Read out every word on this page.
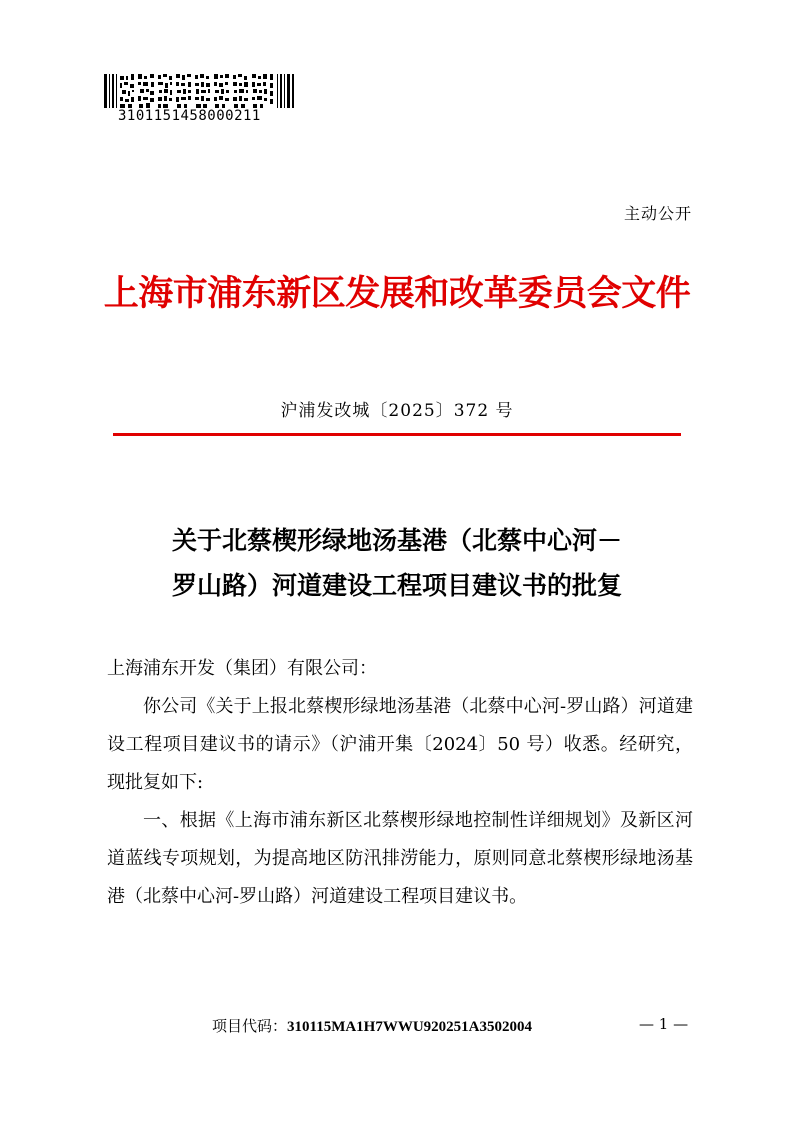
3101151458000211
主动公开
上海市浦东新区发展和改革委员会文件
沪浦发改城〔2025〕372 号
关于北蔡楔形绿地汤基港（北蔡中心河－
罗山路）河道建设工程项目建议书的批复

上海浦东开发（集团）有限公司：

你公司《关于上报北蔡楔形绿地汤基港（北蔡中心河-罗山路）河道建设工程项目建议书的请示》（沪浦开集〔2024〕50 号）收悉。经研究，现批复如下:

一、根据《上海市浦东新区北蔡楔形绿地控制性详细规划》及新区河道蓝线专项规划，为提高地区防汛排涝能力，原则同意北蔡楔形绿地汤基港（北蔡中心河-罗山路）河道建设工程项目建议书。

项目代码：310115MA1H7WWU920251A3502004	— 1 —
